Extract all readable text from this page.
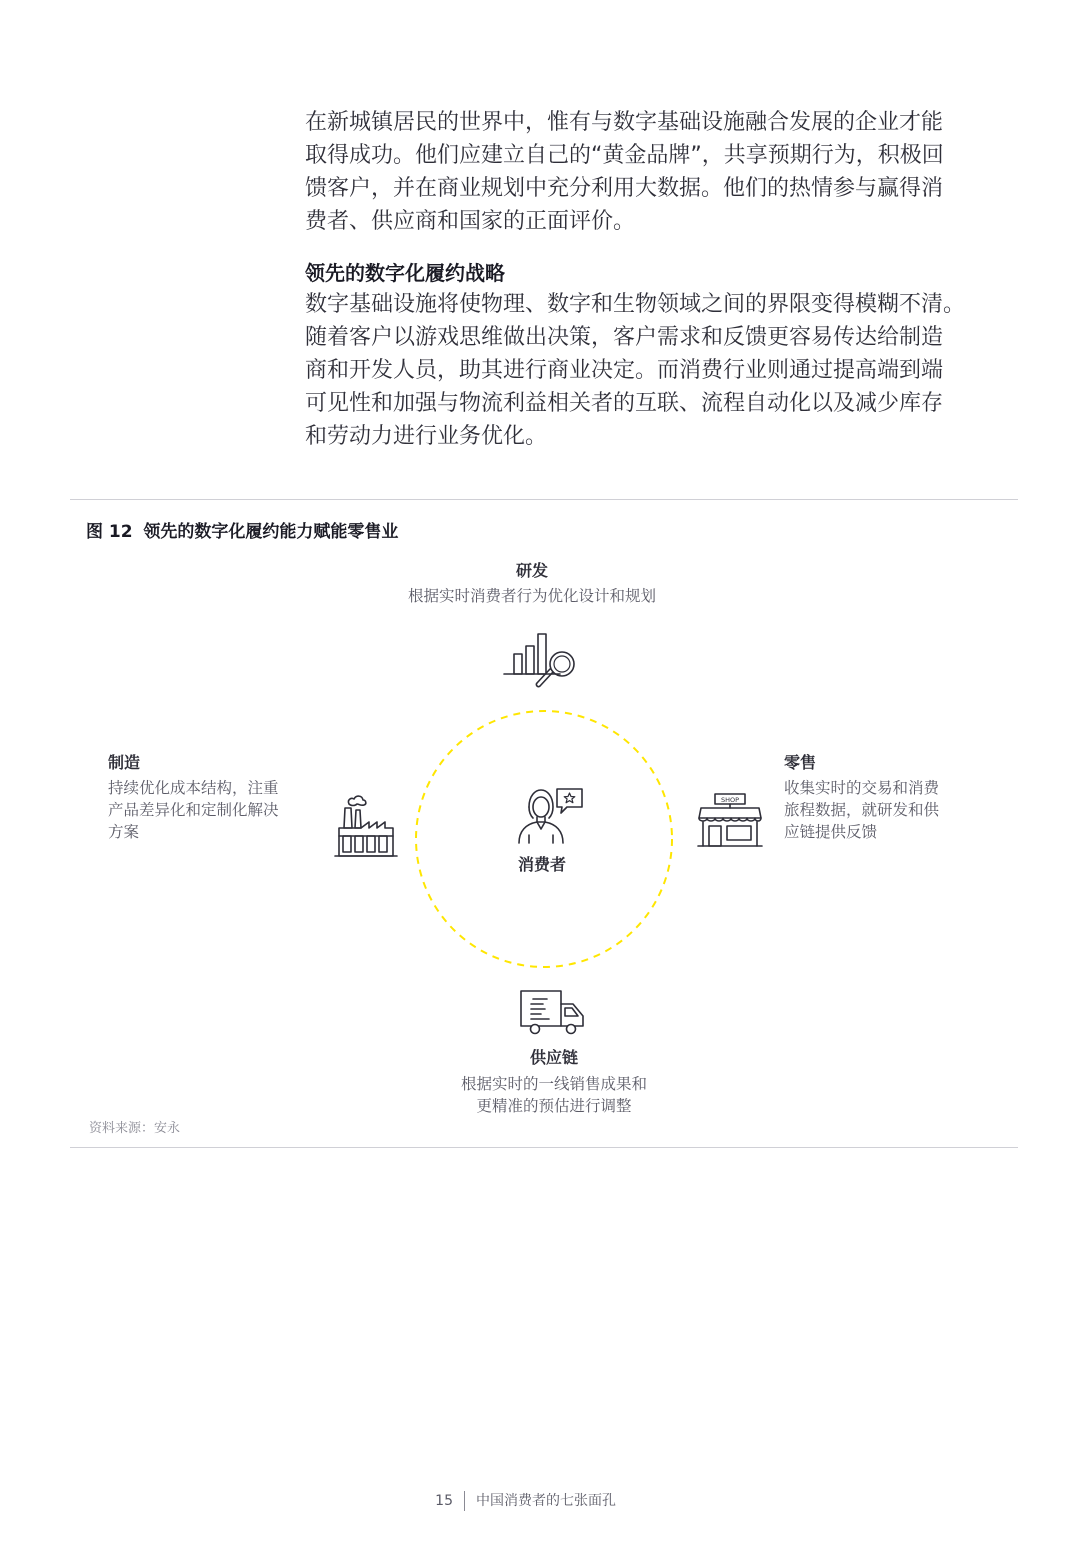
在新城镇居民的世界中，惟有与数字基础设施融合发展的企业才能
取得成功。他们应建立自己的“黄金品牌”，共享预期行为，积极回
馈客户，并在商业规划中充分利用大数据。他们的热情参与赢得消
费者、供应商和国家的正面评价。
领先的数字化履约战略
数字基础设施将使物理、数字和生物领域之间的界限变得模糊不清。
随着客户以游戏思维做出决策，客户需求和反馈更容易传达给制造
商和开发人员，助其进行商业决定。而消费行业则通过提高端到端
可见性和加强与物流利益相关者的互联、流程自动化以及减少库存
和劳动力进行业务优化。
图 12 领先的数字化履约能力赋能零售业
消费者
研发
根据实时消费者行为优化设计和规划
制造
持续优化成本结构，注重
产品差异化和定制化解决
方案
零售
收集实时的交易和消费
旅程数据，就研发和供
应链提供反馈
SHOP
供应链
根据实时的一线销售成果和
更精准的预估进行调整
资料来源：安永
15 中国消费者的七张面孔
